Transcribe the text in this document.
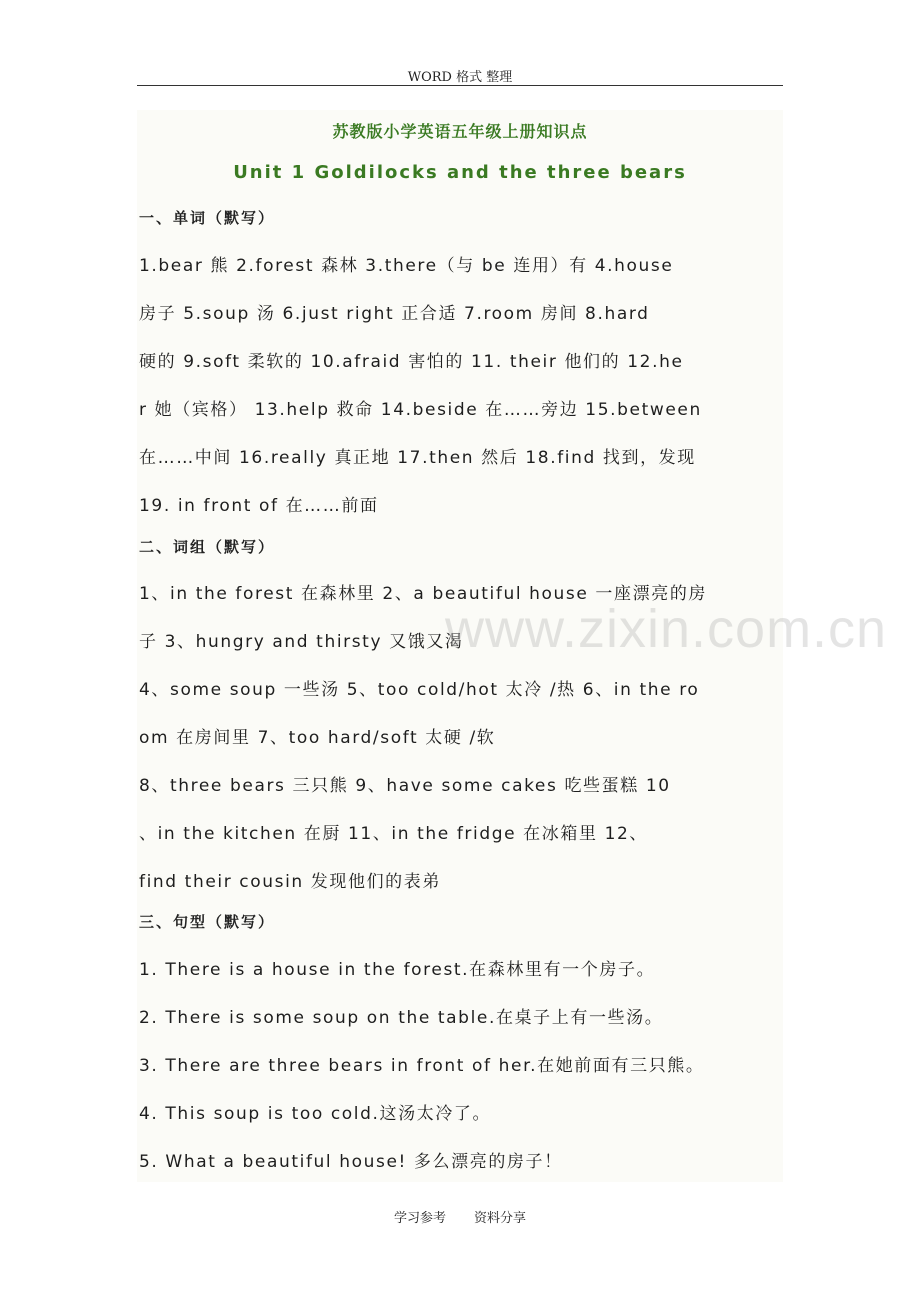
WORD 格式 整理
苏教版小学英语五年级上册知识点
Unit 1 Goldilocks and the three bears
一、单词（默写）
1.bear 熊 2.forest 森林 3.there（与 be 连用）有 4.house
房子 5.soup 汤 6.just right 正合适 7.room 房间 8.hard
硬的 9.soft 柔软的 10.afraid 害怕的 11. their 他们的 12.he
r 她（宾格） 13.help 救命 14.beside 在……旁边 15.between
在……中间 16.really 真正地 17.then 然后 18.find 找到，发现
19. in front of 在……前面
二、词组（默写）
1、in the forest 在森林里 2、a beautiful house 一座漂亮的房
子 3、hungry and thirsty 又饿又渴
4、some soup 一些汤 5、too cold/hot 太冷 /热 6、in the ro
om 在房间里 7、too hard/soft 太硬 /软
8、three bears 三只熊 9、have some cakes 吃些蛋糕 10
、in the kitchen 在厨 11、in the fridge 在冰箱里 12、
find their cousin 发现他们的表弟
三、句型（默写）
1. There is a house in the forest.在森林里有一个房子。
2. There is some soup on the table.在桌子上有一些汤。
3. There are three bears in front of her.在她前面有三只熊。
4. This soup is too cold.这汤太冷了。
5. What a beautiful house! 多么漂亮的房子！
www.zixin.com.cn
学习参考 资料分享
